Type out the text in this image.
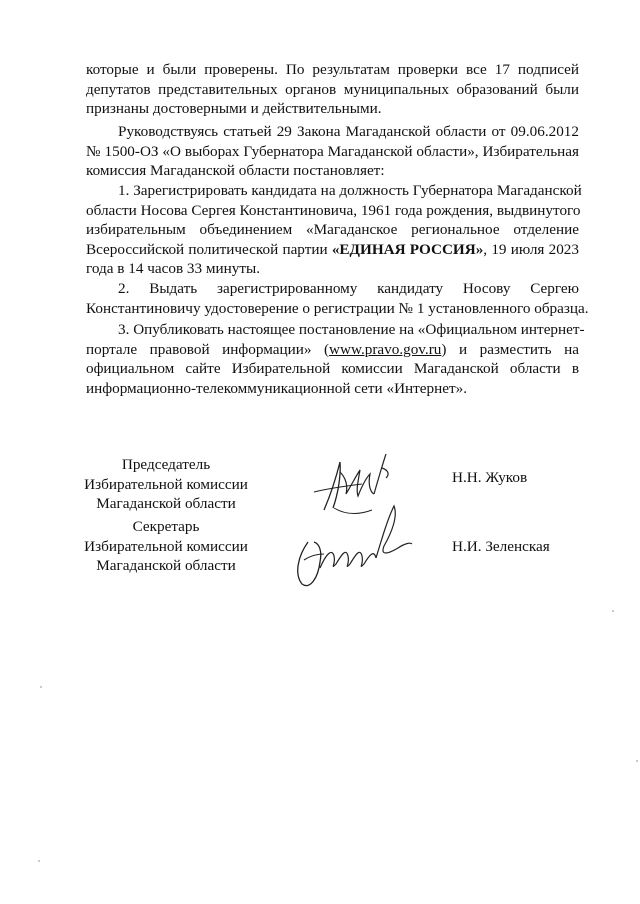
которые и были проверены. По результатам проверки все 17 подписей
депутатов представительных органов муниципальных образований были
признаны достоверными и действительными.
Руководствуясь статьей 29 Закона Магаданской области от 09.06.2012
№ 1500-ОЗ «О выборах Губернатора Магаданской области», Избирательная
комиссия Магаданской области постановляет:
1. Зарегистрировать кандидата на должность Губернатора Магаданской
области Носова Сергея Константиновича, 1961 года рождения, выдвинутого
избирательным объединением «Магаданское региональное отделение
Всероссийской политической партии «ЕДИНАЯ РОССИЯ», 19 июля 2023
года в 14 часов 33 минуты.
2. Выдать зарегистрированному кандидату Носову Сергею
Константиновичу удостоверение о регистрации № 1 установленного образца.
3. Опубликовать настоящее постановление на «Официальном интернет-
портале правовой информации» (www.pravo.gov.ru) и разместить на
официальном сайте Избирательной комиссии Магаданской области в
информационно-телекоммуникационной сети «Интернет».
Председатель
Избирательной комиссии
Магаданской области
Н.Н. Жуков
Секретарь
Избирательной комиссии
Магаданской области
Н.И. Зеленская
